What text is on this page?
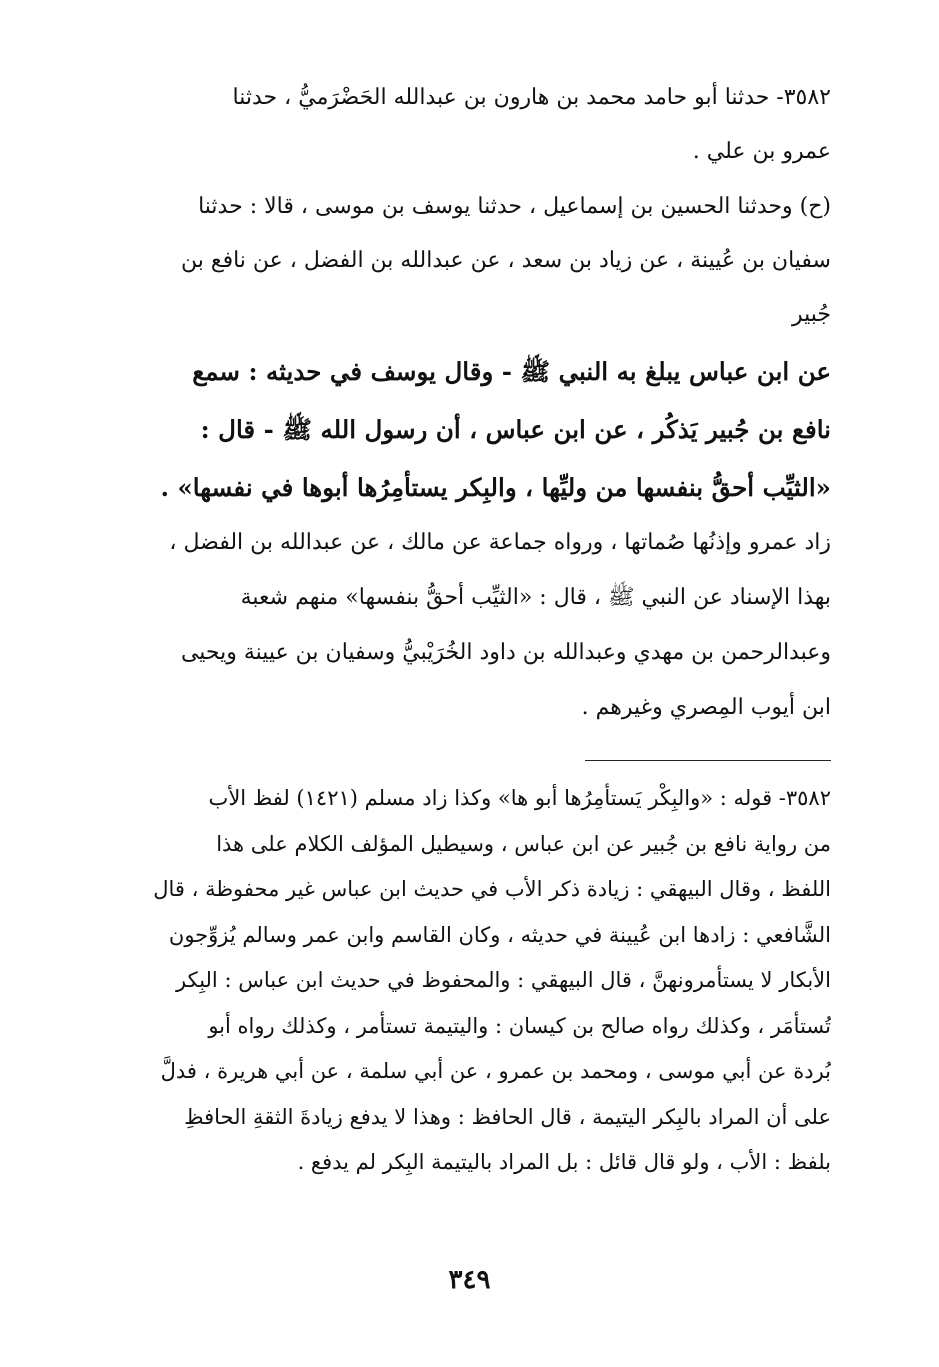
٣٥٨٢- حدثنا أبو حامد محمد بن هارون بن عبدالله الحَضْرَميُّ ، حدثنا
عمرو بن علي .
(ح) وحدثنا الحسين بن إسماعيل ، حدثنا يوسف بن موسى ، قالا : حدثنا
سفيان بن عُيينة ، عن زياد بن سعد ، عن عبدالله بن الفضل ، عن نافع بن
جُبير
عن ابن عباس يبلغ به النبي ﷺ - وقال يوسف في حديثه : سمع
نافع بن جُبير يَذكُر ، عن ابن عباس ، أن رسول الله ﷺ - قال :
«الثيِّب أحقُّ بنفسها من وليِّها ، والبِكر يستأمِرُها أبوها في نفسها» .
زاد عمرو وإذنُها صُماتها ، ورواه جماعة عن مالك ، عن عبدالله بن الفضل ،
بهذا الإسناد عن النبي ﷺ ، قال : «الثيِّب أحقُّ بنفسها» منهم شعبة
وعبدالرحمن بن مهدي وعبدالله بن داود الخُرَيْبيُّ وسفيان بن عيينة ويحيى
ابن أيوب المِصري وغيرهم .
٣٥٨٢- قوله : «والبِكْر يَستأمِرُها أبو ها» وكذا زاد مسلم (١٤٢١) لفظ الأب
من رواية نافع بن جُبير عن ابن عباس ، وسيطيل المؤلف الكلام على هذا
اللفظ ، وقال البيهقي : زيادة ذكر الأب في حديث ابن عباس غير محفوظة ، قال
الشَّافعي : زادها ابن عُيينة في حديثه ، وكان القاسم وابن عمر وسالم يُزوِّجون
الأبكار لا يستأمرونهنَّ ، قال البيهقي : والمحفوظ في حديث ابن عباس : البِكر
تُستأمَر ، وكذلك رواه صالح بن كيسان : واليتيمة تستأمر ، وكذلك رواه أبو
بُردة عن أبي موسى ، ومحمد بن عمرو ، عن أبي سلمة ، عن أبي هريرة ، فدلَّ
على أن المراد بالبِكر اليتيمة ، قال الحافظ : وهذا لا يدفع زيادةَ الثقةِ الحافظِ
بلفظ : الأب ، ولو قال قائل : بل المراد باليتيمة البِكر لم يدفع .
٣٤٩
